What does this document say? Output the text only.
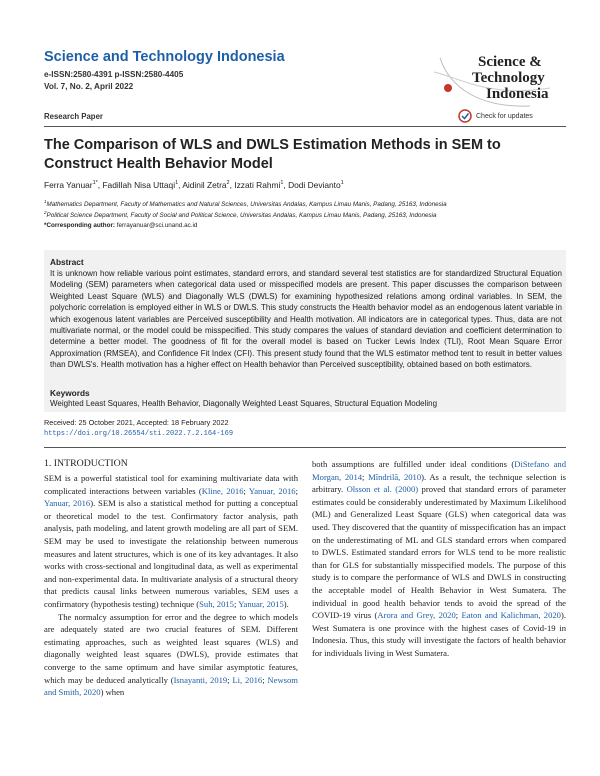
Science and Technology Indonesia
e-ISSN:2580-4391 p-ISSN:2580-4405
Vol. 7, No. 2, April 2022
Science &
Technology
Indonesia
Research Paper	Check for updates
The Comparison of WLS and DWLS Estimation Methods in SEM to Construct Health Behavior Model
Ferra Yanuar$^{1*}$, Fadillah Nisa Uttaqi$^1$, Aidinil Zetra$^2$, Izzati Rahmi$^1$, Dodi Devianto$^1$
$^1$Mathematics Department, Faculty of Mathematics and Natural Sciences, Universitas Andalas, Kampus Limau Manis, Padang, 25163, Indonesia
$^2$Political Science Department, Faculty of Social and Political Science, Universitas Andalas, Kampus Limau Manis, Padang, 25163, Indonesia
*Corresponding author: ferrayanuar@sci.unand.ac.id
Abstract
It is unknown how reliable various point estimates, standard errors, and standard several test statistics are for standardized Structural Equation Modeling (SEM) parameters when categorical data used or misspecified models are present. This paper discusses the comparison between Weighted Least Square (WLS) and Diagonally WLS (DWLS) for examining hypothesized relations among ordinal variables. In SEM, the polychoric correlation is employed either in WLS or DWLS. This study constructs the Health behavior model as an endogenous latent variable in which exogenous latent variables are Perceived susceptibility and Health motivation. All indicators are in categorical types. Thus, data are not multivariate normal, or the model could be misspecified. This study compares the values of standard deviation and coefficient determination to determine a better model. The goodness of fit for the overall model is based on Tucker Lewis Index (TLI), Root Mean Square Error Approximation (RMSEA), and Confidence Fit Index (CFI). This present study found that the WLS estimator method tent to result in better values than DWLS's. Health motivation has a higher effect on Health behavior than Perceived susceptibility, obtained based on both estimators.
Keywords
Weighted Least Squares, Health Behavior, Diagonally Weighted Least Squares, Structural Equation Modeling
Received: 25 October 2021, Accepted: 18 February 2022
https://doi.org/10.26554/sti.2022.7.2.164-169
1. INTRODUCTION

SEM is a powerful statistical tool for examining multivariate data with complicated interactions between variables (Kline, 2016; Yanuar, 2016; Yanuar, 2016). SEM is also a statistical method for putting a conceptual or theoretical model to the test. Confirmatory factor analysis, path analysis, path modeling, and latent growth modeling are all part of SEM. SEM may be used to investigate the relationship between numerous measures and latent structures, which is one of its key advantages. It also works with cross-sectional and longitudinal data, as well as experimental and non-experimental data. In multivariate analysis of a structural theory that predicts causal links between numerous variables, SEM uses a confirmatory (hypothesis testing) technique (Suh, 2015; Yanuar, 2015).

The normalcy assumption for error and the degree to which models are adequately stated are two crucial features of SEM. Different estimating approaches, such as weighted least squares (WLS) and diagonally weighted least squares (DWLS), provide estimates that converge to the same optimum and have similar asymptotic features, which may be deduced analytically (Isnayanti, 2019; Li, 2016; Newsom and Smith, 2020) when

both assumptions are fulfilled under ideal conditions (DiStefano and Morgan, 2014; Mîndrilă, 2010). As a result, the technique selection is arbitrary. Olsson et al. (2000) proved that standard errors of parameter estimates could be considerably underestimated by Maximum Likelihood (ML) and Generalized Least Square (GLS) when categorical data was used. They discovered that the quantity of misspecification has an impact on the underestimating of ML and GLS standard errors when compared to DWLS. Estimated standard errors for WLS tend to be more realistic than for GLS for substantially misspecified models. The purpose of this study is to compare the performance of WLS and DWLS in constructing the acceptable model of Health Behavior in West Sumatera. The individual in good health behavior tends to avoid the spread of the COVID-19 virus (Arora and Grey, 2020; Eaton and Kalichman, 2020). West Sumatera is one province with the highest cases of Covid-19 in Indonesia. Thus, this study will investigate the factors of health behavior for individuals living in West Sumatera.
